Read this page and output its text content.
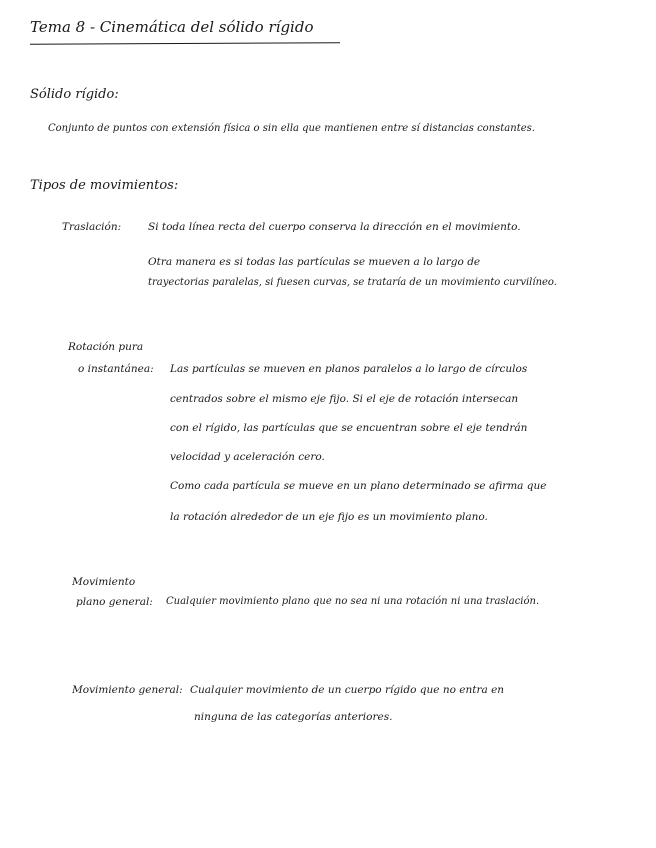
Tema 8 - Cinemática del sólido rígido
Sólido rígido:
Conjunto de puntos con extensión física o sin ella que mantienen entre sí distancias constantes.
Tipos de movimientos:
Traslación:	Si toda línea recta del cuerpo conserva la dirección en el movimiento.
Otra manera es si todas las partículas se mueven a lo largo de
trayectorias paralelas, si fuesen curvas, se trataría de un movimiento curvilíneo.
Rotación pura
o instantánea: Las partículas se mueven en planos paralelos a lo largo de círculos
centrados sobre el mismo eje fijo. Si el eje de rotación intersecan
con el rígido, las partículas que se encuentran sobre el eje tendrán
velocidad y aceleración cero.
Como cada partícula se mueve en un plano determinado se afirma que
la rotación alrededor de un eje fijo es un movimiento plano.
Movimiento
plano general: Cualquier movimiento plano que no sea ni una rotación ni una traslación.
Movimiento general: Cualquier movimiento de un cuerpo rígido que no entra en
ninguna de las categorías anteriores.
